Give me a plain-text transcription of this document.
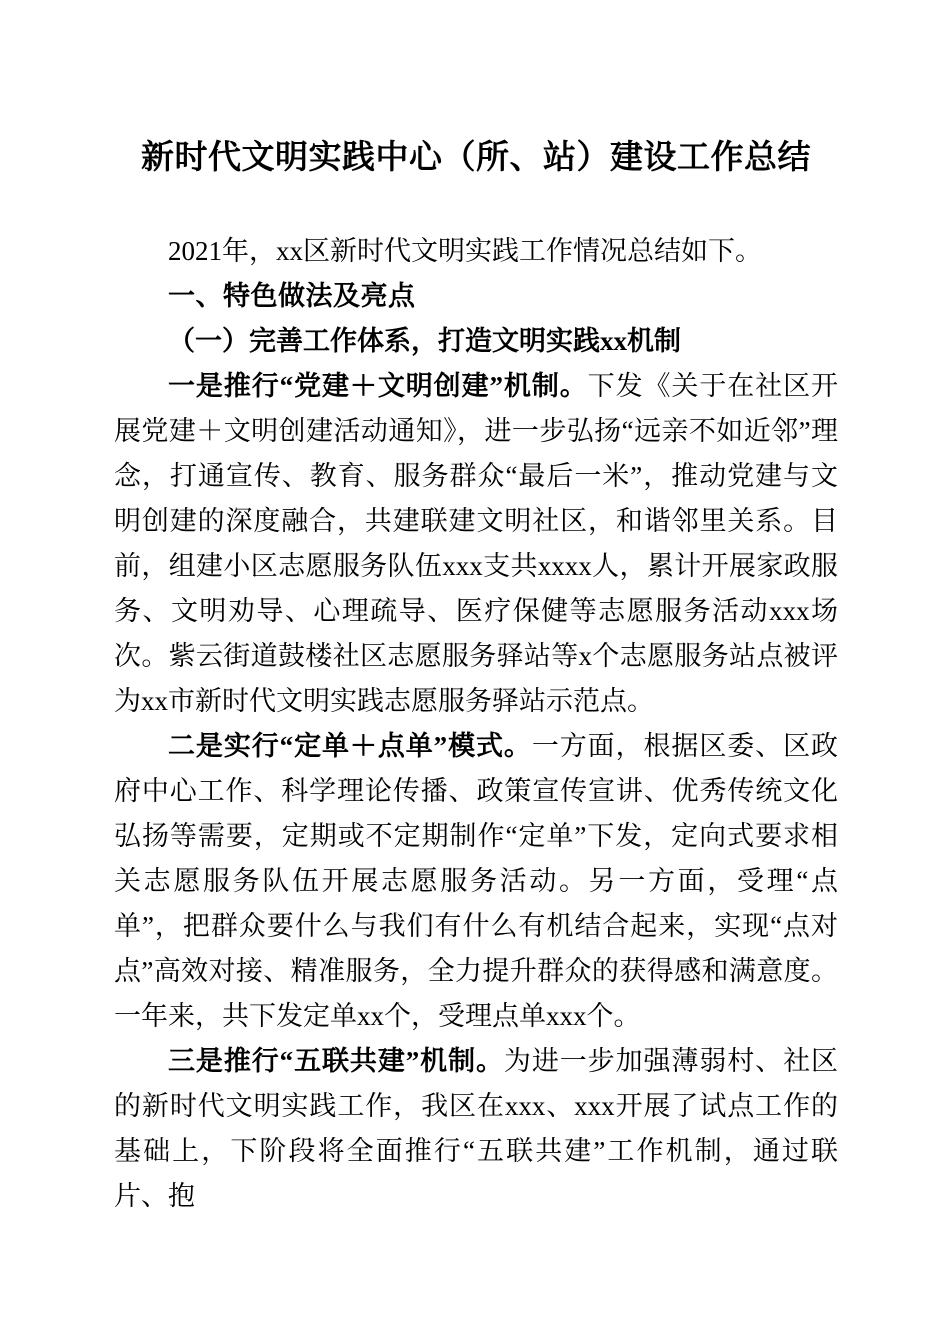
新时代文明实践中心（所、站）建设工作总结

2021年，xx区新时代文明实践工作情况总结如下。

一、特色做法及亮点
（一）完善工作体系，打造文明实践xx机制

一是推行“党建＋文明创建”机制。下发《关于在社区开展党建＋文明创建活动通知》，进一步弘扬“远亲不如近邻”理念，打通宣传、教育、服务群众“最后一米”，推动党建与文明创建的深度融合，共建联建文明社区，和谐邻里关系。目前，组建小区志愿服务队伍xxx支共xxxx人，累计开展家政服务、文明劝导、心理疏导、医疗保健等志愿服务活动xxx场次。紫云街道鼓楼社区志愿服务驿站等x个志愿服务站点被评为xx市新时代文明实践志愿服务驿站示范点。

二是实行“定单＋点单”模式。一方面，根据区委、区政府中心工作、科学理论传播、政策宣传宣讲、优秀传统文化弘扬等需要，定期或不定期制作“定单”下发，定向式要求相关志愿服务队伍开展志愿服务活动。另一方面，受理“点单”，把群众要什么与我们有什么有机结合起来，实现“点对点”高效对接、精准服务，全力提升群众的获得感和满意度。一年来，共下发定单xx个，受理点单xxx个。

三是推行“五联共建”机制。为进一步加强薄弱村、社区的新时代文明实践工作，我区在xxx、xxx开展了试点工作的基础上，下阶段将全面推行“五联共建”工作机制，通过联片、抱
